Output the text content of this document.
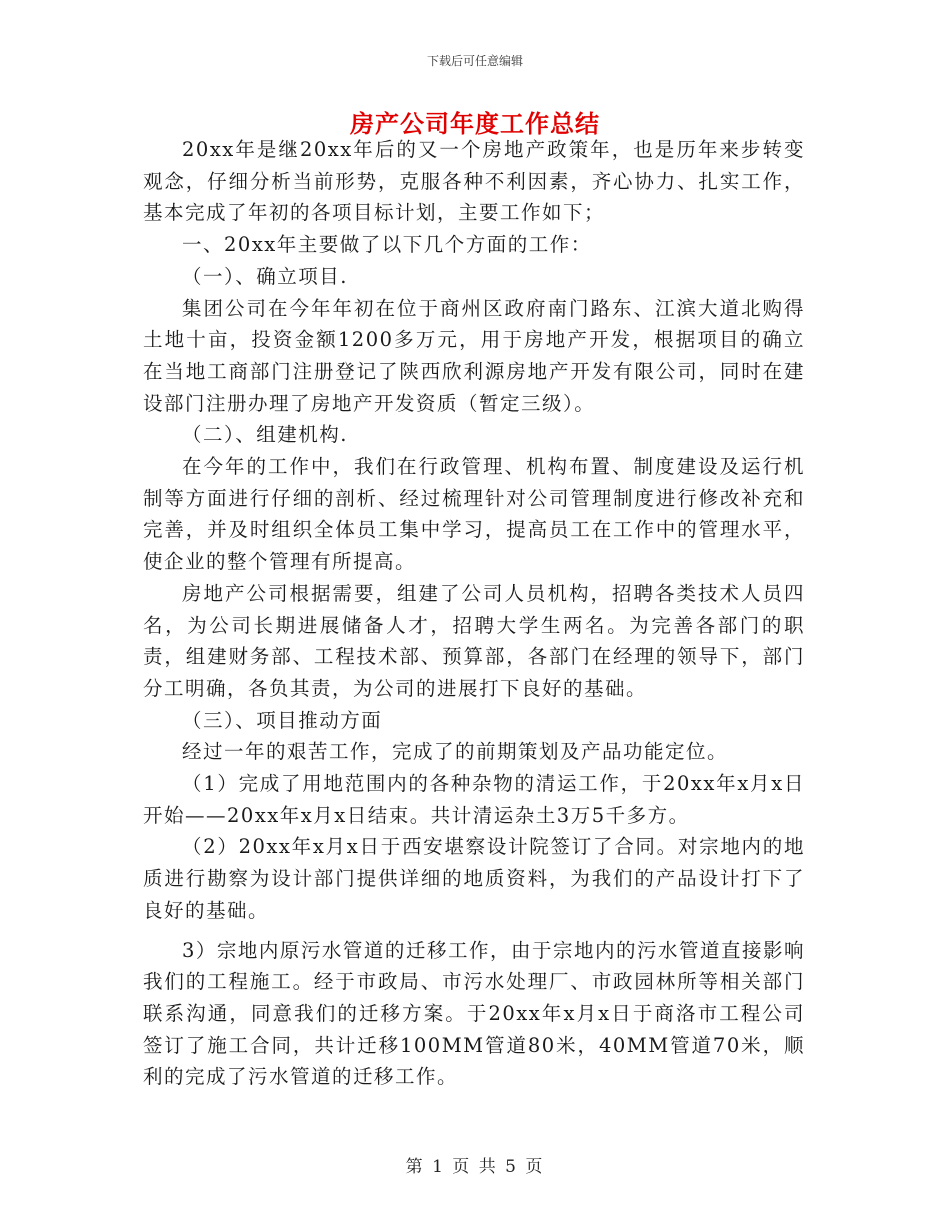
下载后可任意编辑
房产公司年度工作总结

20xx年是继20xx年后的又一个房地产政策年，也是历年来步转变观念，仔细分析当前形势，克服各种不利因素，齐心协力、扎实工作，基本完成了年初的各项目标计划，主要工作如下；

一、20xx年主要做了以下几个方面的工作：

（一）、确立项目.

集团公司在今年年初在位于商州区政府南门路东、江滨大道北购得土地十亩，投资金额1200多万元，用于房地产开发，根据项目的确立在当地工商部门注册登记了陕西欣利源房地产开发有限公司，同时在建设部门注册办理了房地产开发资质（暂定三级）。

（二）、组建机构.

在今年的工作中，我们在行政管理、机构布置、制度建设及运行机制等方面进行仔细的剖析、经过梳理针对公司管理制度进行修改补充和完善，并及时组织全体员工集中学习，提高员工在工作中的管理水平，使企业的整个管理有所提高。

房地产公司根据需要，组建了公司人员机构，招聘各类技术人员四名，为公司长期进展储备人才，招聘大学生两名。为完善各部门的职责，组建财务部、工程技术部、预算部，各部门在经理的领导下，部门分工明确，各负其责，为公司的进展打下良好的基础。

（三）、项目推动方面

经过一年的艰苦工作，完成了的前期策划及产品功能定位。

（1）完成了用地范围内的各种杂物的清运工作，于20xx年x月x日开始——20xx年x月x日结束。共计清运杂土3万5千多方。

（2）20xx年x月x日于西安堪察设计院签订了合同。对宗地内的地质进行勘察为设计部门提供详细的地质资料，为我们的产品设计打下了良好的基础。

3）宗地内原污水管道的迁移工作，由于宗地内的污水管道直接影响我们的工程施工。经于市政局、市污水处理厂、市政园林所等相关部门联系沟通，同意我们的迁移方案。于20xx年x月x日于商洛市工程公司签订了施工合同，共计迁移100MM管道80米，40MM管道70米，顺利的完成了污水管道的迁移工作。

第 1 页 共 5 页
